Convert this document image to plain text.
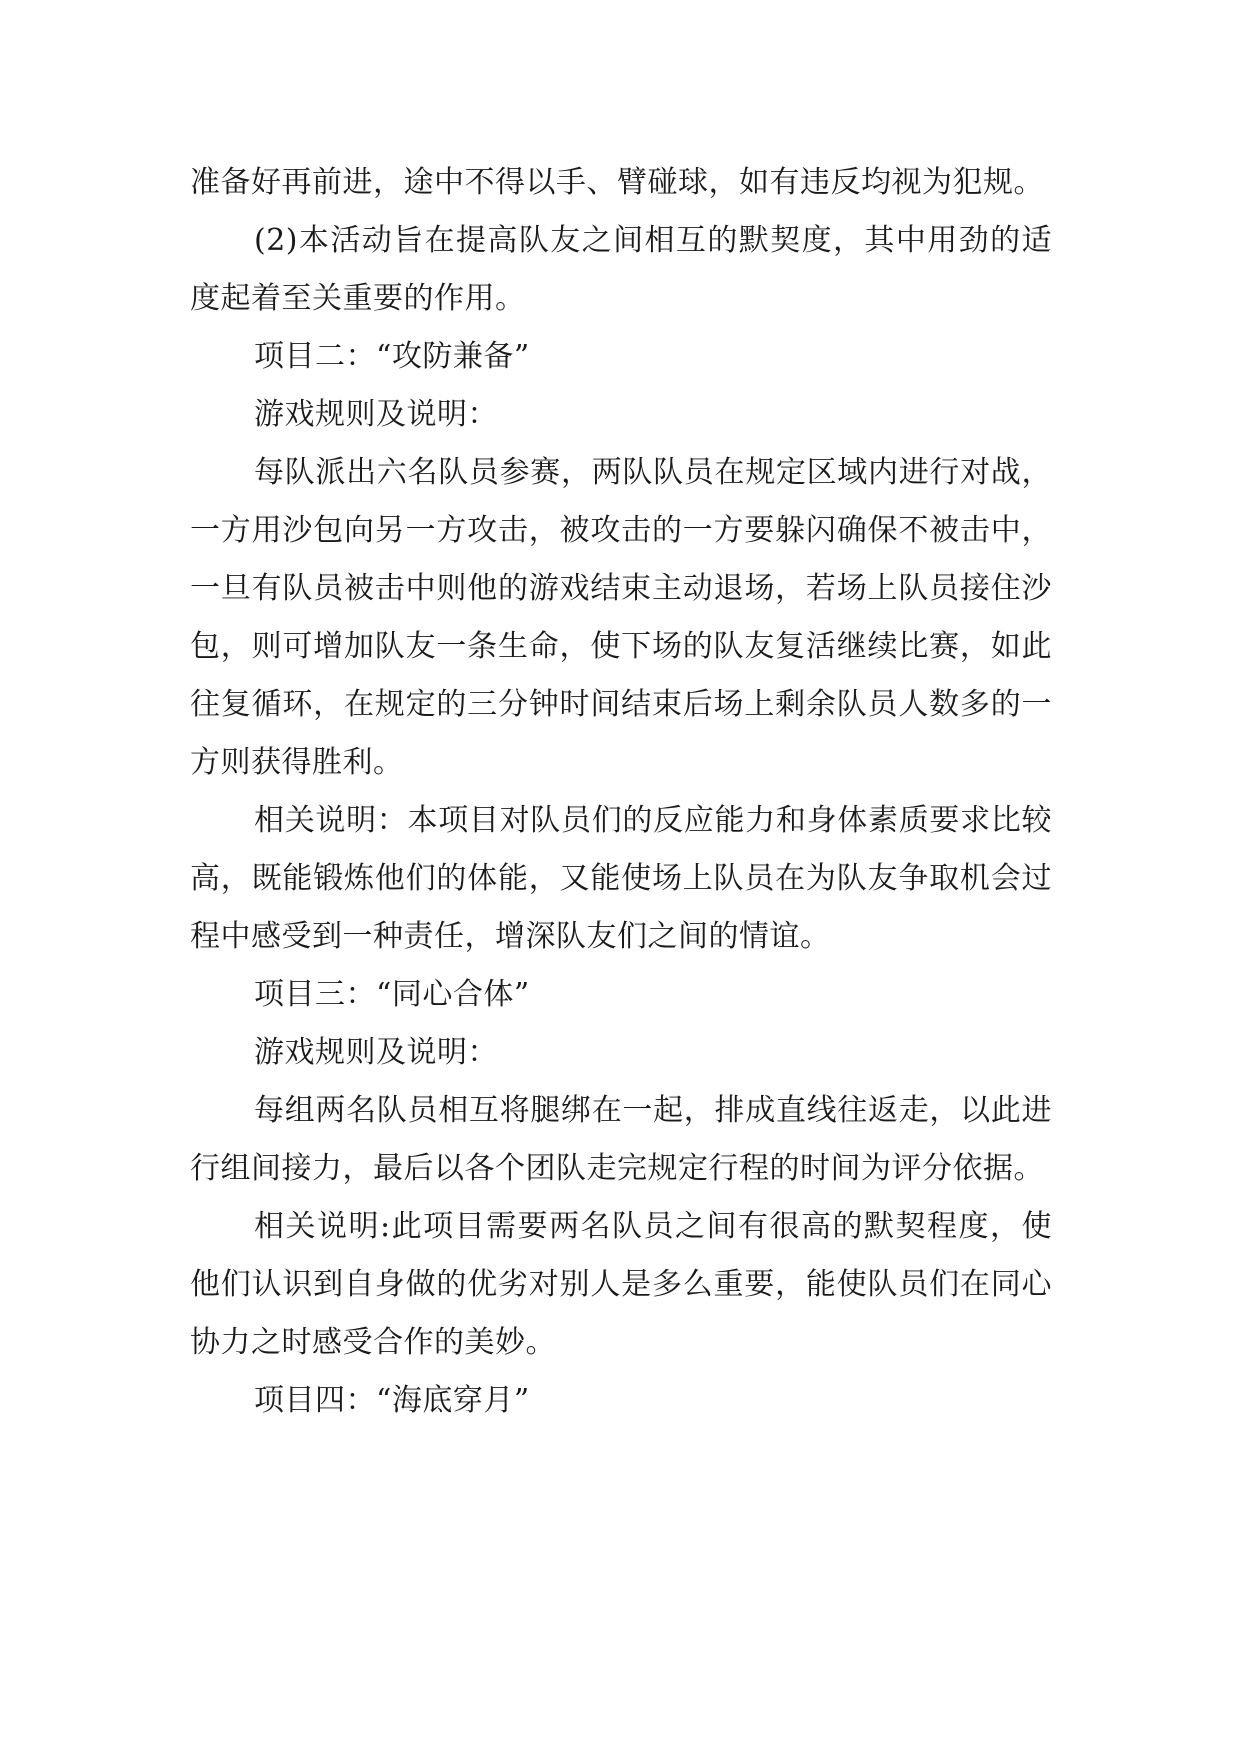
准备好再前进，途中不得以手、臂碰球，如有违反均视为犯规。

(2)本活动旨在提高队友之间相互的默契度，其中用劲的适度起着至关重要的作用。

项目二：“攻防兼备”

游戏规则及说明：

每队派出六名队员参赛，两队队员在规定区域内进行对战，一方用沙包向另一方攻击，被攻击的一方要躲闪确保不被击中，一旦有队员被击中则他的游戏结束主动退场，若场上队员接住沙包，则可增加队友一条生命，使下场的队友复活继续比赛，如此往复循环，在规定的三分钟时间结束后场上剩余队员人数多的一方则获得胜利。

相关说明：本项目对队员们的反应能力和身体素质要求比较高，既能锻炼他们的体能，又能使场上队员在为队友争取机会过程中感受到一种责任，增深队友们之间的情谊。

项目三：“同心合体”

游戏规则及说明：

每组两名队员相互将腿绑在一起，排成直线往返走，以此进行组间接力，最后以各个团队走完规定行程的时间为评分依据。

相关说明:此项目需要两名队员之间有很高的默契程度，使他们认识到自身做的优劣对别人是多么重要，能使队员们在同心协力之时感受合作的美妙。

项目四：“海底穿月”
